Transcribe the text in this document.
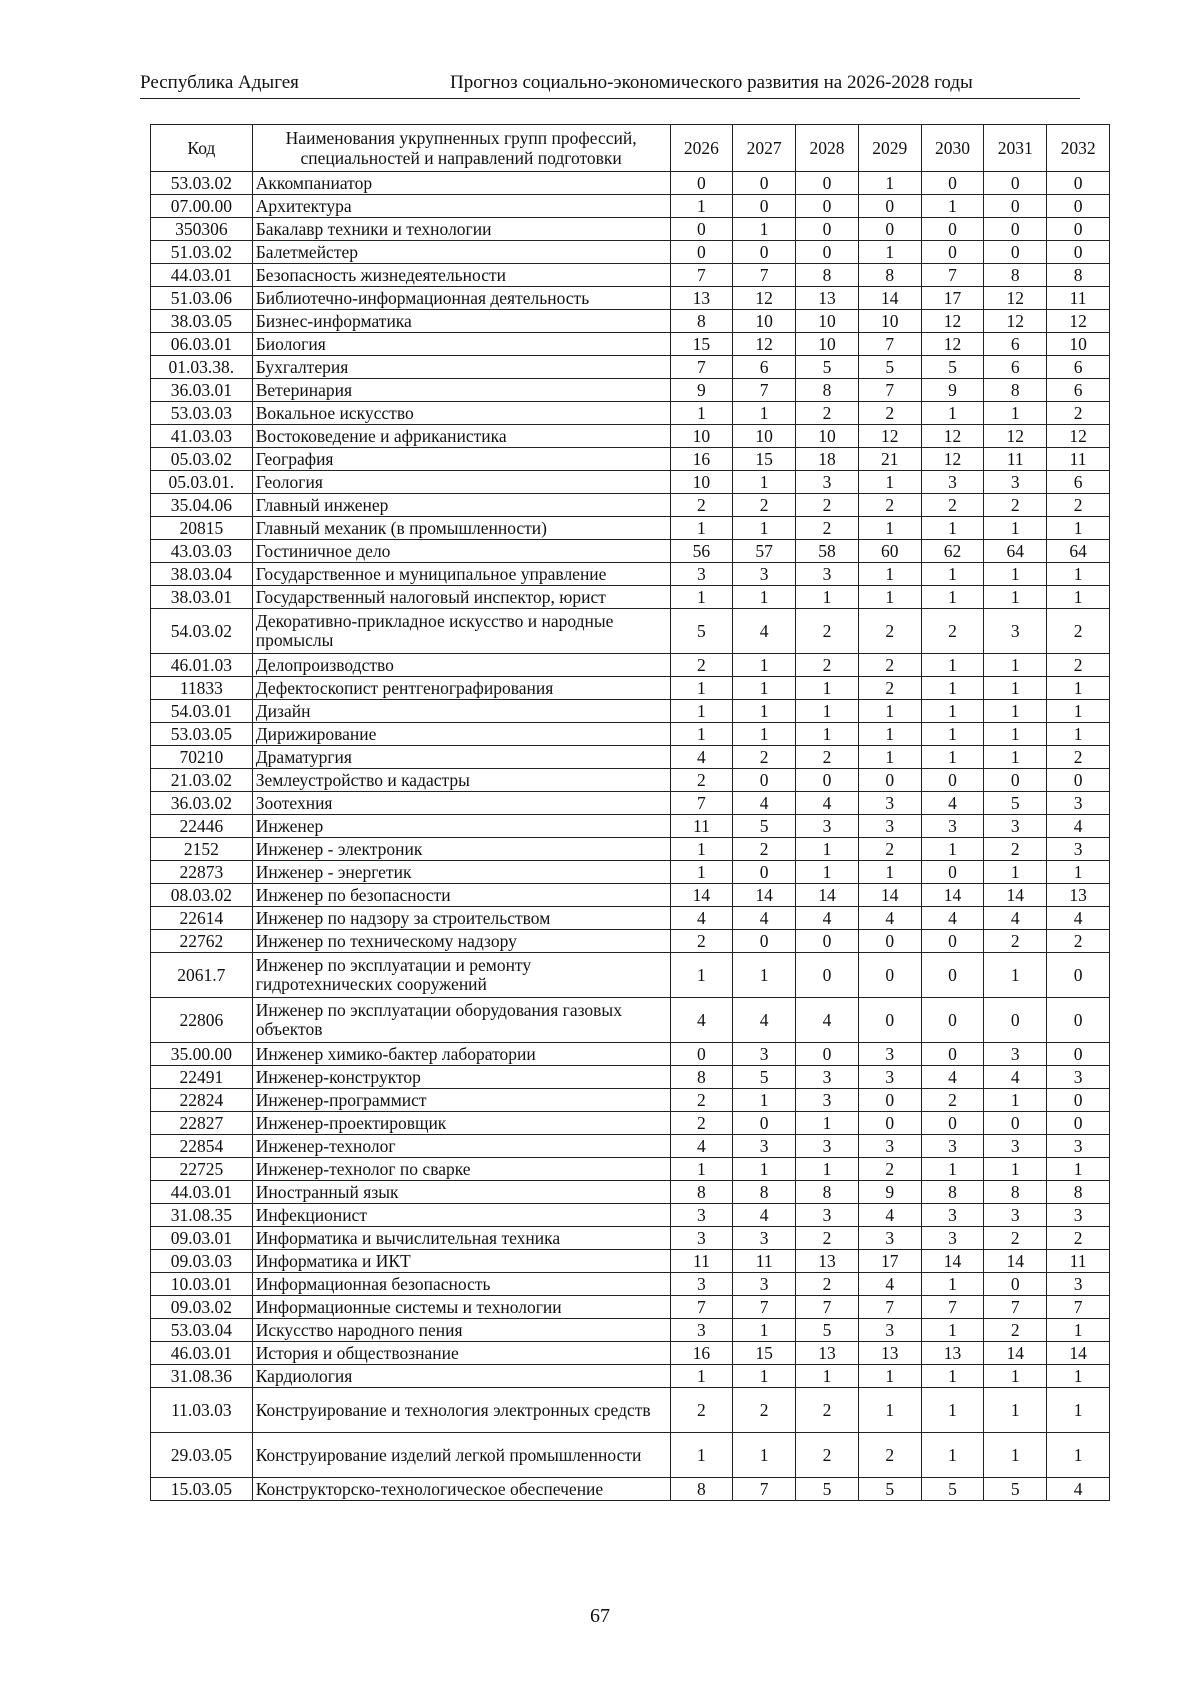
Республика Адыгея	Прогноз социально-экономического развития на 2026-2028 годы
Код	Наименования укрупненных групп профессий, специальностей и направлений подготовки	2026	2027	2028	2029	2030	2031	2032
53.03.02	Аккомпаниатор	0	0	0	1	0	0	0
07.00.00	Архитектура	1	0	0	0	1	0	0
350306	Бакалавр техники и технологии	0	1	0	0	0	0	0
51.03.02	Балетмейстер	0	0	0	1	0	0	0
44.03.01	Безопасность жизнедеятельности	7	7	8	8	7	8	8
51.03.06	Библиотечно-информационная деятельность	13	12	13	14	17	12	11
38.03.05	Бизнес-информатика	8	10	10	10	12	12	12
06.03.01	Биология	15	12	10	7	12	6	10
01.03.38.	Бухгалтерия	7	6	5	5	5	6	6
36.03.01	Ветеринария	9	7	8	7	9	8	6
53.03.03	Вокальное искусство	1	1	2	2	1	1	2
41.03.03	Востоковедение и африканистика	10	10	10	12	12	12	12
05.03.02	География	16	15	18	21	12	11	11
05.03.01.	Геология	10	1	3	1	3	3	6
35.04.06	Главный инженер	2	2	2	2	2	2	2
20815	Главный механик (в промышленности)	1	1	2	1	1	1	1
43.03.03	Гостиничное дело	56	57	58	60	62	64	64
38.03.04	Государственное и муниципальное управление	3	3	3	1	1	1	1
38.03.01	Государственный налоговый инспектор, юрист	1	1	1	1	1	1	1
54.03.02	Декоративно-прикладное искусство и народные промыслы	5	4	2	2	2	3	2
46.01.03	Делопроизводство	2	1	2	2	1	1	2
11833	Дефектоскопист рентгенографирования	1	1	1	2	1	1	1
54.03.01	Дизайн	1	1	1	1	1	1	1
53.03.05	Дирижирование	1	1	1	1	1	1	1
70210	Драматургия	4	2	2	1	1	1	2
21.03.02	Землеустройство и кадастры	2	0	0	0	0	0	0
36.03.02	Зоотехния	7	4	4	3	4	5	3
22446	Инженер	11	5	3	3	3	3	4
2152	Инженер - электроник	1	2	1	2	1	2	3
22873	Инженер - энергетик	1	0	1	1	0	1	1
08.03.02	Инженер по безопасности	14	14	14	14	14	14	13
22614	Инженер по надзору за строительством	4	4	4	4	4	4	4
22762	Инженер по техническому надзору	2	0	0	0	0	2	2
2061.7	Инженер по эксплуатации и ремонту гидротехнических сооружений	1	1	0	0	0	1	0
22806	Инженер по эксплуатации оборудования газовых объектов	4	4	4	0	0	0	0
35.00.00	Инженер химико-бактер лаборатории	0	3	0	3	0	3	0
22491	Инженер-конструктор	8	5	3	3	4	4	3
22824	Инженер-программист	2	1	3	0	2	1	0
22827	Инженер-проектировщик	2	0	1	0	0	0	0
22854	Инженер-технолог	4	3	3	3	3	3	3
22725	Инженер-технолог по сварке	1	1	1	2	1	1	1
44.03.01	Иностранный язык	8	8	8	9	8	8	8
31.08.35	Инфекционист	3	4	3	4	3	3	3
09.03.01	Информатика и вычислительная техника	3	3	2	3	3	2	2
09.03.03	Информатика и ИКТ	11	11	13	17	14	14	11
10.03.01	Информационная безопасность	3	3	2	4	1	0	3
09.03.02	Информационные системы и технологии	7	7	7	7	7	7	7
53.03.04	Искусство народного пения	3	1	5	3	1	2	1
46.03.01	История и обществознание	16	15	13	13	13	14	14
31.08.36	Кардиология	1	1	1	1	1	1	1
11.03.03	Конструирование и технология электронных средств	2	2	2	1	1	1	1
29.03.05	Конструирование изделий легкой промышленности	1	1	2	2	1	1	1
15.03.05	Конструкторско-технологическое обеспечение	8	7	5	5	5	5	4
67
